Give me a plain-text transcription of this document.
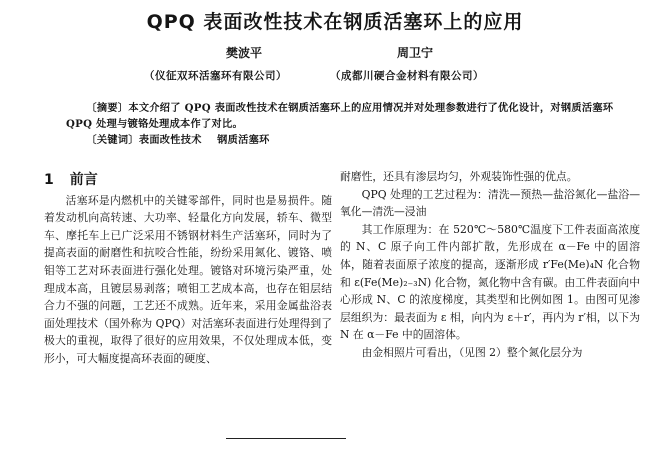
QPQ 表面改性技术在钢质活塞环上的应用
樊波平	周卫宁
（仪征双环活塞环有限公司）	（成都川硬合金材料有限公司）

〔摘要〕本文介绍了 QPQ 表面改性技术在钢质活塞环上的应用情况并对处理参数进行了优化设计，对钢质活塞环 QPQ 处理与镀铬处理成本作了对比。

〔关键词〕表面改性技术    钢质活塞环

1 前言

活塞环是内燃机中的关键零部件，同时也是易损件。随着发动机向高转速、大功率、轻量化方向发展，轿车、微型车、摩托车上已广泛采用不锈钢材料生产活塞环，同时为了提高表面的耐磨性和抗咬合性能，纷纷采用氮化、镀铬、喷钼等工艺对环表面进行强化处理。镀铬对环境污染严重，处理成本高，且镀层易剥落；喷钼工艺成本高，也存在钼层结合力不强的问题，工艺还不成熟。近年来，采用金属盐浴表面处理技术（国外称为 QPQ）对活塞环表面进行处理得到了极大的重视，取得了很好的应用效果，不仅处理成本低，变形小，可大幅度提高环表面的硬度、

耐磨性，还具有渗层均匀，外观装饰性强的优点。

QPQ 处理的工艺过程为：清洗—预热—盐浴氮化—盐浴—氧化—清洗—浸油

其工作原理为：在 520℃～580℃温度下工件表面高浓度的 N、C 原子向工件内部扩散，先形成在 α－Fe 中的固溶体，随着表面原子浓度的提高，逐渐形成 r′Fe(Me)₄N 化合物和 ε(Fe(Me)₂₋₃N) 化合物，氮化物中含有碳。由工件表面向中心形成 N、C 的浓度梯度，其类型和比例如图 1。由图可见渗层组织为：最表面为 ε 相，向内为 ε＋r′，再内为 r′相，以下为 N 在 α－Fe 中的固溶体。

由金相照片可看出，（见图 2）整个氮化层分为
